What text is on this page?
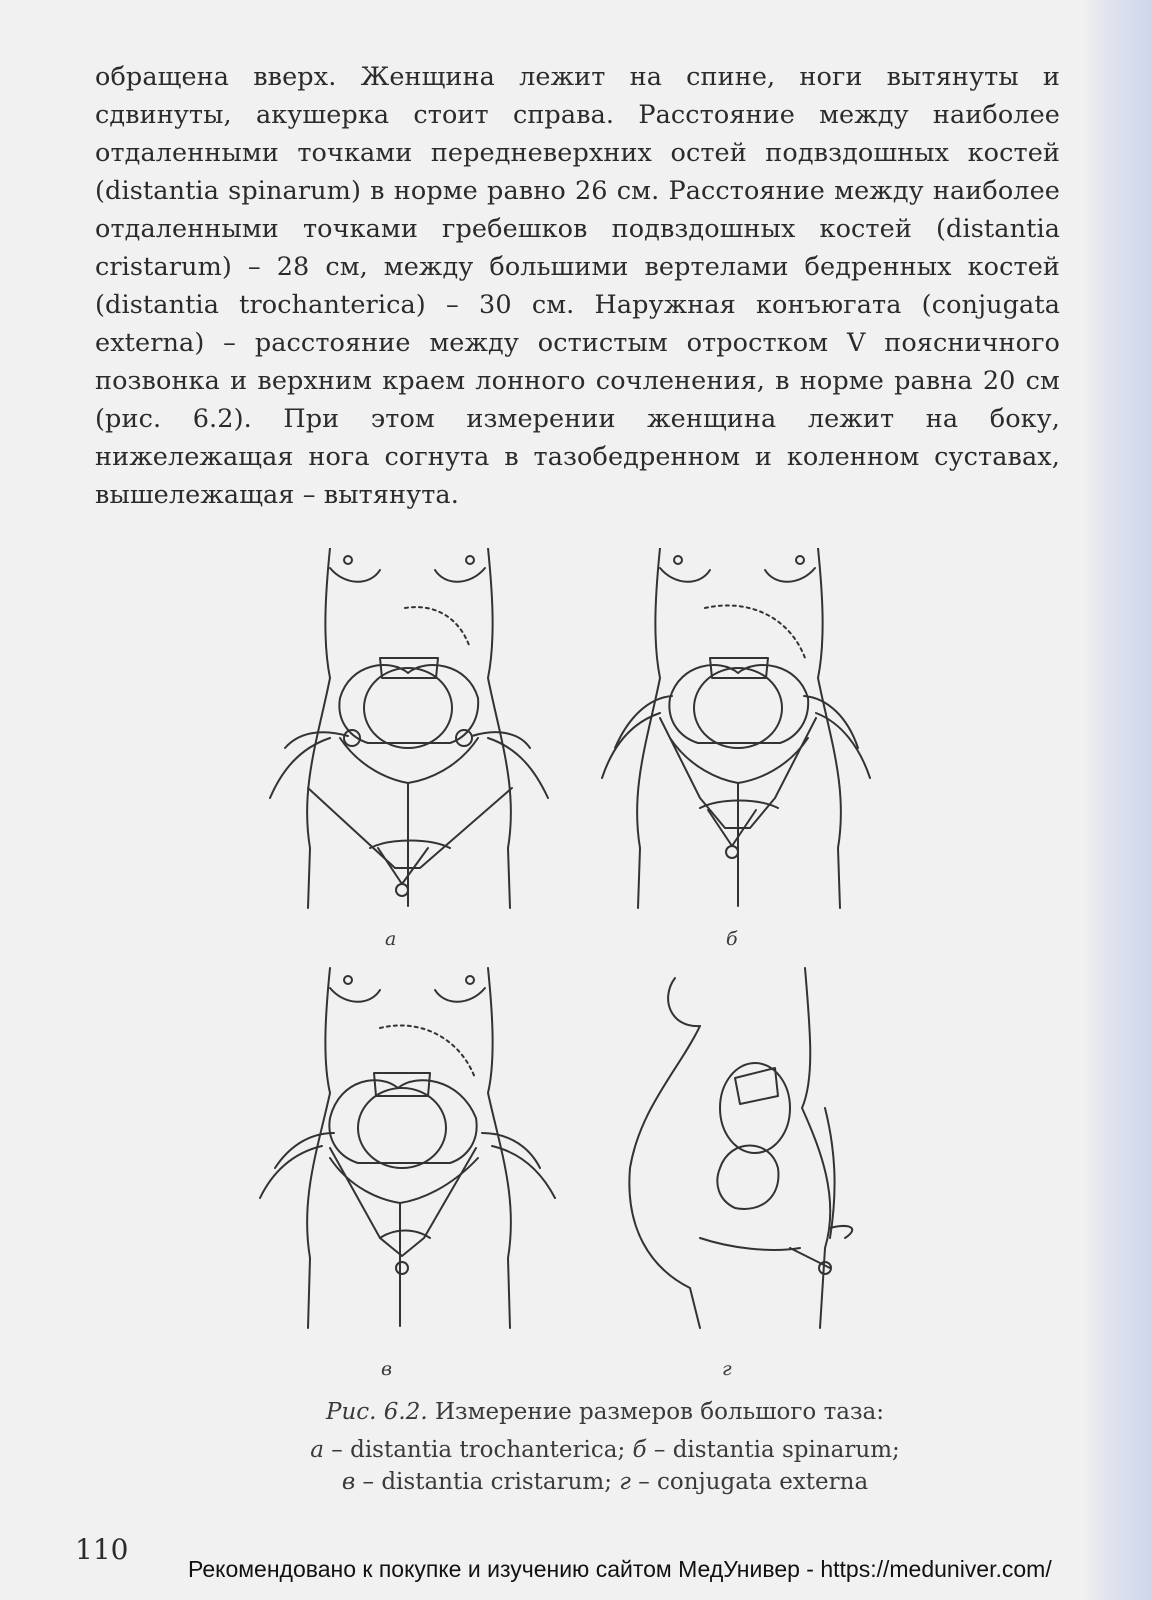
обращена вверх. Женщина лежит на спине, ноги вытянуты и сдвинуты, акушерка стоит справа. Расстояние между наиболее отдаленными точками передневерхних остей подвздошных костей (distantia spinarum) в норме равно 26 см. Расстояние между наиболее отдаленными точками гребешков подвздошных костей (distantia cristarum) – 28 см, между большими вертелами бедренных костей (distantia trochanterica) – 30 см. Наружная конъюгата (conjugata externa) – расстояние между остистым отростком V поясничного позвонка и верхним краем лонного сочленения, в норме равна 20 см (рис. 6.2). При этом измерении женщина лежит на боку, нижележащая нога согнута в тазобедренном и коленном суставах, вышележащая – вытянута.

а	б
в	г
Рис. 6.2. Измерение размеров большого таза:
а – distantia trochanterica; б – distantia spinarum;
в – distantia cristarum; г – conjugata externa
110
Рекомендовано к покупке и изучению сайтом МедУнивер - https://meduniver.com/
